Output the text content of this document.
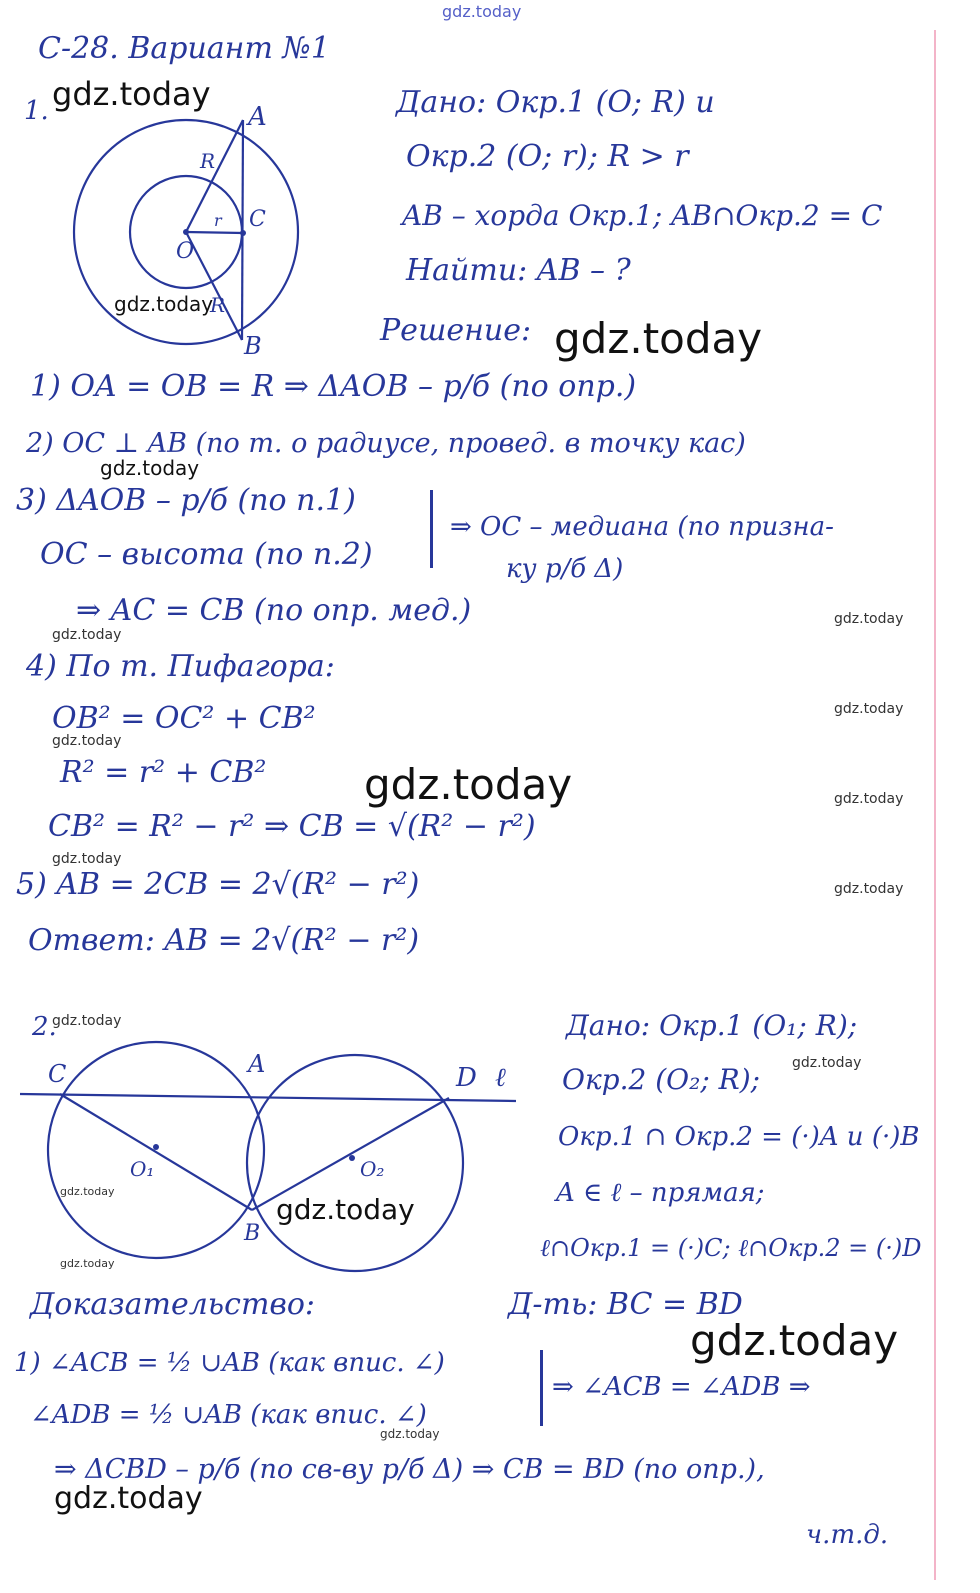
A
B
O
C
R
R
r
C	A	D ℓ
O₁	O₂
B
gdz.today
С-28. Вариант №1
1.	Дано: Окр.1 (O; R) и
Окр.2 (O; r); R > r
AB – хорда Окр.1; AB∩Окр.2 = C
Найти: AB – ?
Решение:
1) OA = OB = R ⇒ ΔAOB – р/б (по опр.)
2) OC ⊥ AB (по т. о радиусе, провед. в точку кас)
3) ΔAOB – р/б (по п.1)
OC – высота (по п.2)
⇒ OC – медиана (по призна-
ку р/б Δ)
⇒ AC = CB (по опр. мед.)
4) По т. Пифагора:
OB² = OC² + CB²
R² = r² + CB²
CB² = R² − r² ⇒ CB = √(R² − r²)
5) AB = 2CB = 2√(R² − r²)
Ответ: AB = 2√(R² − r²)
2.	Дано: Окр.1 (O₁; R);
Окр.2 (O₂; R);
Окр.1 ∩ Окр.2 = (·)A и (·)B
A ∈ ℓ – прямая;
ℓ∩Окр.1 = (·)C; ℓ∩Окр.2 = (·)D
Доказательство:	Д-ть: BC = BD
1) ∠ACB = ½ ∪AB (как впис. ∠)
∠ADB = ½ ∪AB (как впис. ∠)
⇒ ∠ACB = ∠ADB ⇒
⇒ ΔCBD – р/б (по св-ву р/б Δ) ⇒ CB = BD (по опр.),
ч.т.д.
gdz.today
gdz.today
gdz.today
gdz.today
gdz.today
gdz.today
gdz.today
gdz.today
gdz.today	gdz.today
gdz.today
gdz.today
gdz.today
gdz.today
gdz.today
gdz.today
gdz.today
gdz.today
gdz.today
gdz.today
